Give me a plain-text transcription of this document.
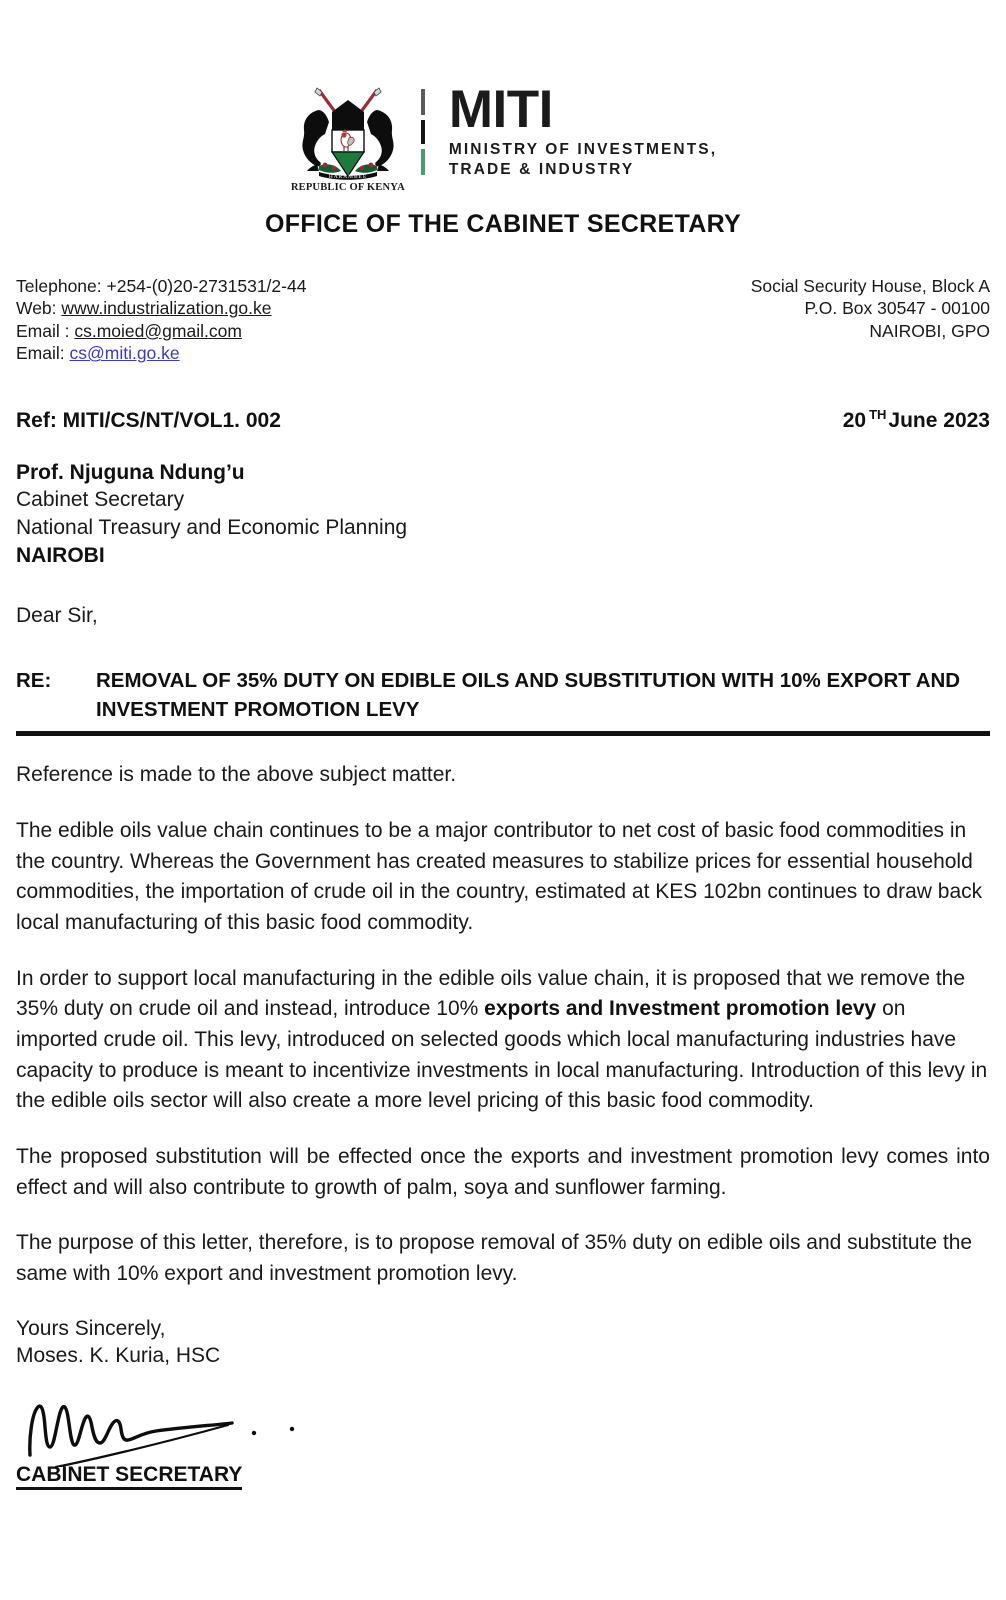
HARAMBEE
REPUBLIC OF KENYA
MITI
MINISTRY OF INVESTMENTS,
TRADE & INDUSTRY
OFFICE OF THE CABINET SECRETARY
Telephone: +254-(0)20-2731531/2-44
Web: www.industrialization.go.ke
Email : cs.moied@gmail.com
Email: cs@miti.go.ke
Social Security House, Block A
P.O. Box 30547 - 00100
NAIROBI, GPO
Ref: MITI/CS/NT/VOL1. 002	20 $^{TH}$June 2023
Prof. Njuguna Ndung’u
Cabinet Secretary
National Treasury and Economic Planning
NAIROBI
Dear Sir,
RE:	REMOVAL OF 35% DUTY ON EDIBLE OILS AND SUBSTITUTION WITH 10% EXPORT AND INVESTMENT PROMOTION LEVY

Reference is made to the above subject matter.

The edible oils value chain continues to be a major contributor to net cost of basic food commodities in the country. Whereas the Government has created measures to stabilize prices for essential household commodities, the importation of crude oil in the country, estimated at KES 102bn continues to draw back local manufacturing of this basic food commodity.

In order to support local manufacturing in the edible oils value chain, it is proposed that we remove the 35% duty on crude oil and instead, introduce 10% exports and Investment promotion levy on imported crude oil. This levy, introduced on selected goods which local manufacturing industries have capacity to produce is meant to incentivize investments in local manufacturing. Introduction of this levy in the edible oils sector will also create a more level pricing of this basic food commodity.

The proposed substitution will be effected once the exports and investment promotion levy comes into effect and will also contribute to growth of palm, soya and sunflower farming.

The purpose of this letter, therefore, is to propose removal of 35% duty on edible oils and substitute the same with 10% export and investment promotion levy.

Yours Sincerely,
Moses. K. Kuria, HSC
CABINET SECRETARY
